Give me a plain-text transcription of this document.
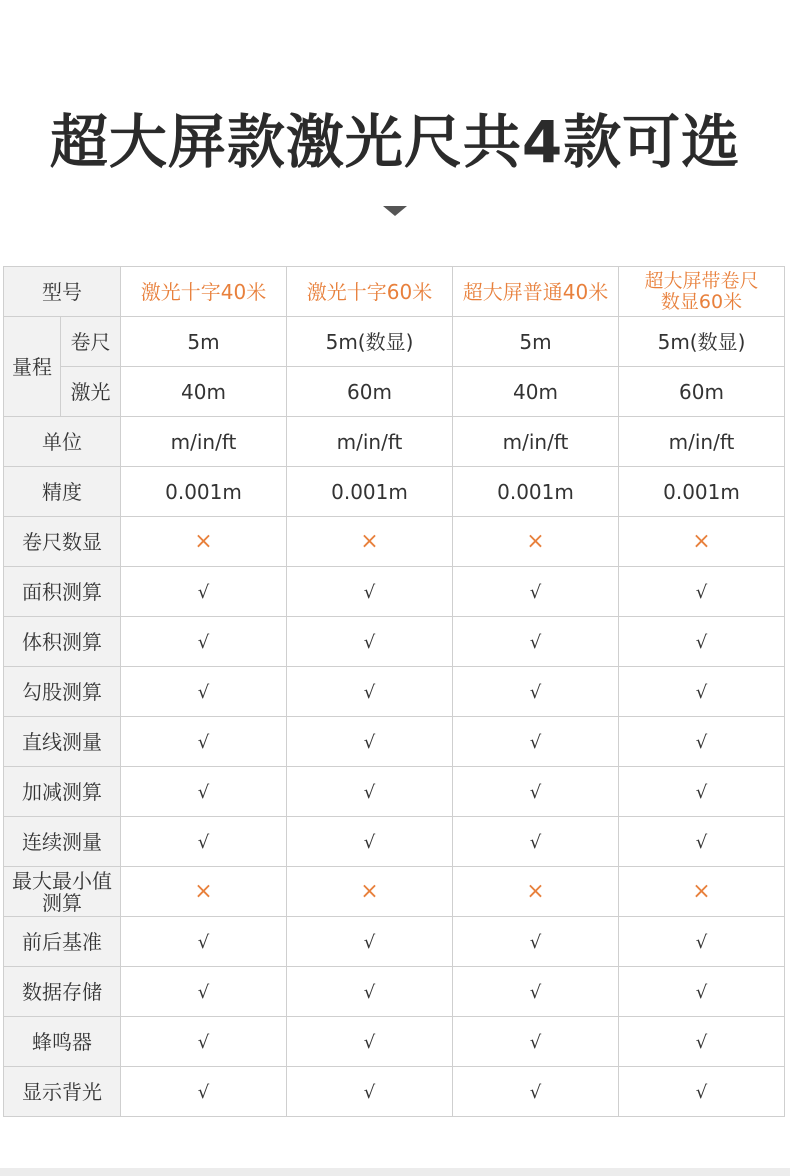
超大屏款激光尺共4款可选
型号		激光十字40米	激光十字60米	超大屏普通40米	超大屏带卷尺数显60米
量程	卷尺	5m	5m(数显)	5m	5m(数显)
	激光	40m	60m	40m	60m
单位		m/in/ft	m/in/ft	m/in/ft	m/in/ft
精度		0.001m	0.001m	0.001m	0.001m
卷尺数显		×	×	×	×
面积测算		√	√	√	√
体积测算		√	√	√	√
勾股测算		√	√	√	√
直线测量		√	√	√	√
加减测算		√	√	√	√
连续测量		√	√	√	√
最大最小值测算		×	×	×	×
前后基准		√	√	√	√
数据存储		√	√	√	√
蜂鸣器		√	√	√	√
显示背光		√	√	√	√
